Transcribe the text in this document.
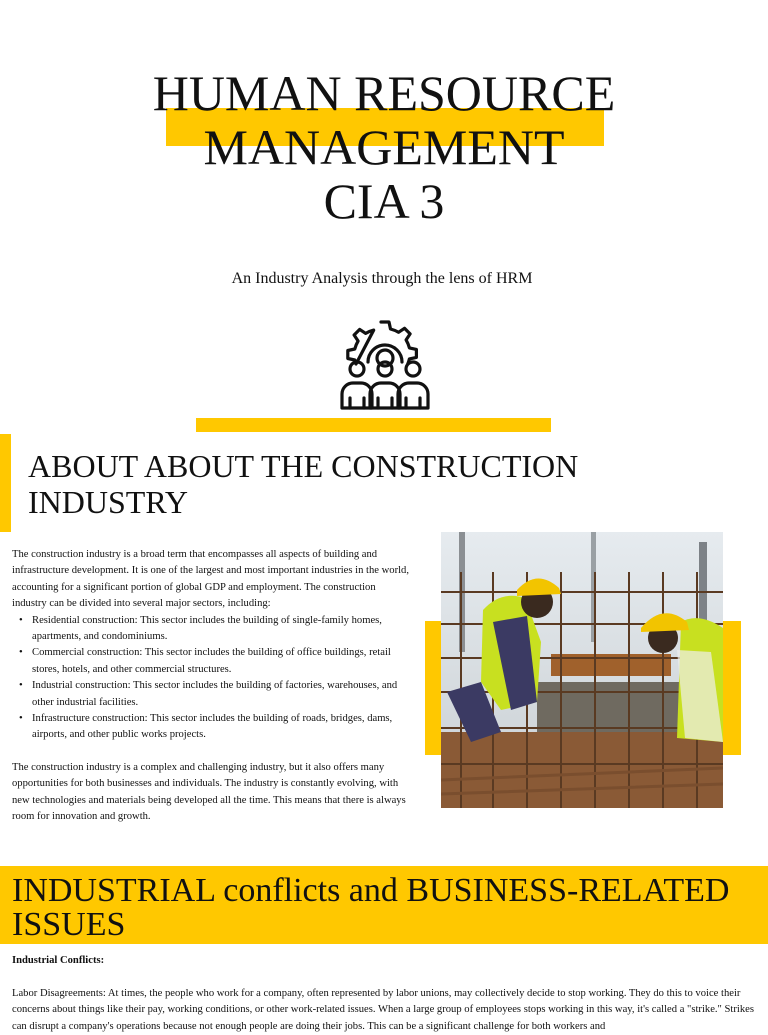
HUMAN RESOURCE
MANAGEMENT
CIA 3
An Industry Analysis through the lens of HRM
ABOUT ABOUT THE CONSTRUCTION INDUSTRY

The construction industry is a broad term that encompasses all aspects of building and infrastructure development. It is one of the largest and most important industries in the world, accounting for a significant portion of global GDP and employment. The construction industry can be divided into several major sectors, including:

• Residential construction: This sector includes the building of single-family homes, apartments, and condominiums.
• Commercial construction: This sector includes the building of office buildings, retail stores, hotels, and other commercial structures.
• Industrial construction: This sector includes the building of factories, warehouses, and other industrial facilities.
• Infrastructure construction: This sector includes the building of roads, bridges, dams, airports, and other public works projects.

The construction industry is a complex and challenging industry, but it also offers many opportunities for both businesses and individuals. The industry is constantly evolving, with new technologies and materials being developed all the time. This means that there is always room for innovation and growth.

INDUSTRIAL conflicts and BUSINESS-RELATED ISSUES
Industrial Conflicts:

Labor Disagreements: At times, the people who work for a company, often represented by labor unions, may collectively decide to stop working. They do this to voice their concerns about things like their pay, working conditions, or other work-related issues. When a large group of employees stops working in this way, it's called a "strike." Strikes can disrupt a company's operations because not enough people are doing their jobs. This can be a significant challenge for both workers and
